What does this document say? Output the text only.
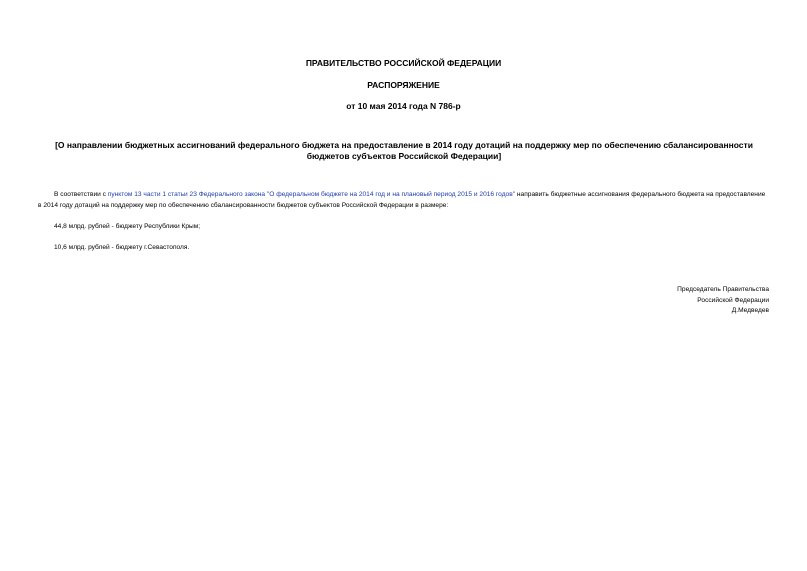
ПРАВИТЕЛЬСТВО РОССИЙСКОЙ ФЕДЕРАЦИИ

РАСПОРЯЖЕНИЕ

от 10 мая 2014 года N 786-р

[О направлении бюджетных ассигнований федерального бюджета на предоставление в 2014 году дотаций на поддержку мер по обеспечению сбалансированности бюджетов субъектов Российской Федерации]

В соответствии с пунктом 13 части 1 статьи 23 Федерального закона "О федеральном бюджете на 2014 год и на плановый период 2015 и 2016 годов" направить бюджетные ассигнования федерального бюджета на предоставление в 2014 году дотаций на поддержку мер по обеспечению сбалансированности бюджетов субъектов Российской Федерации в размере:

44,8 млрд. рублей - бюджету Республики Крым;

10,6 млрд. рублей - бюджету г.Севастополя.

Председатель Правительства
Российской Федерации
Д.Медведев
